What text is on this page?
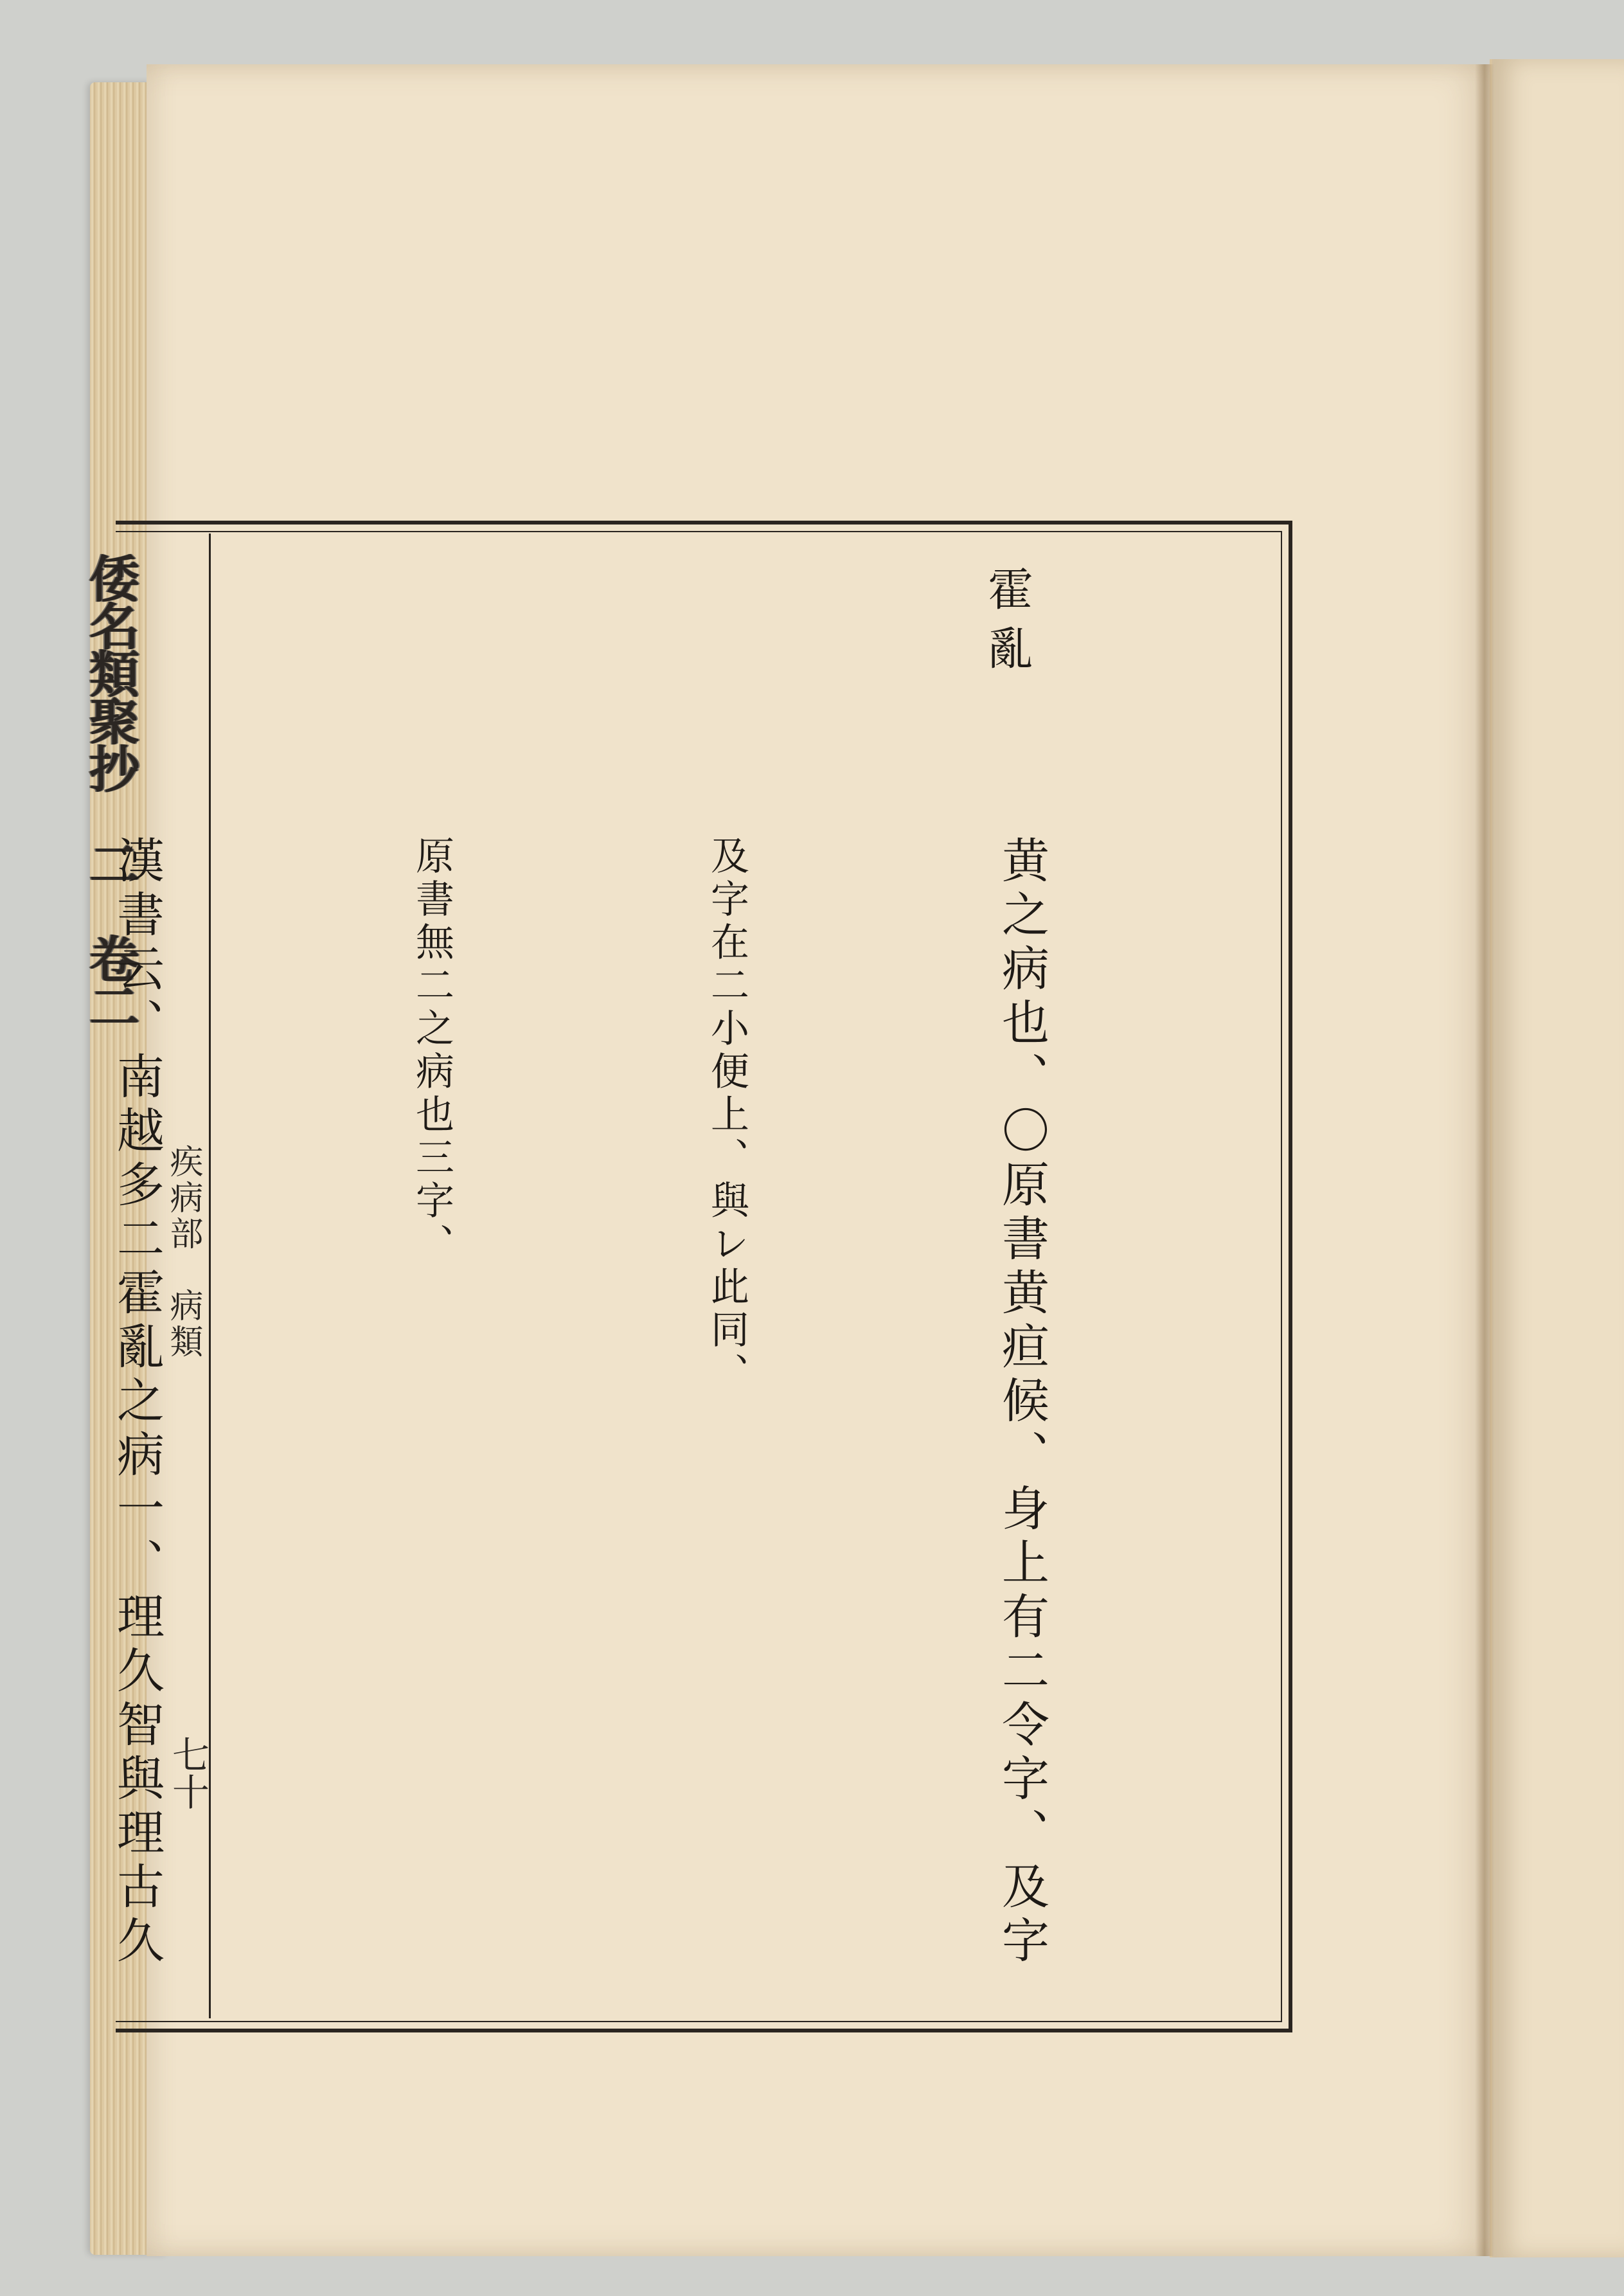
倭名類聚抄　二　卷二
疾病部　病類
七十
霍亂

黄之病也、〇原書黄疸候、身上有二令字、及字

及字在二小便上、與レ此同、

原書無二之病也三字、

漢書云、南越多二霍亂之病一、理久智與理古久
